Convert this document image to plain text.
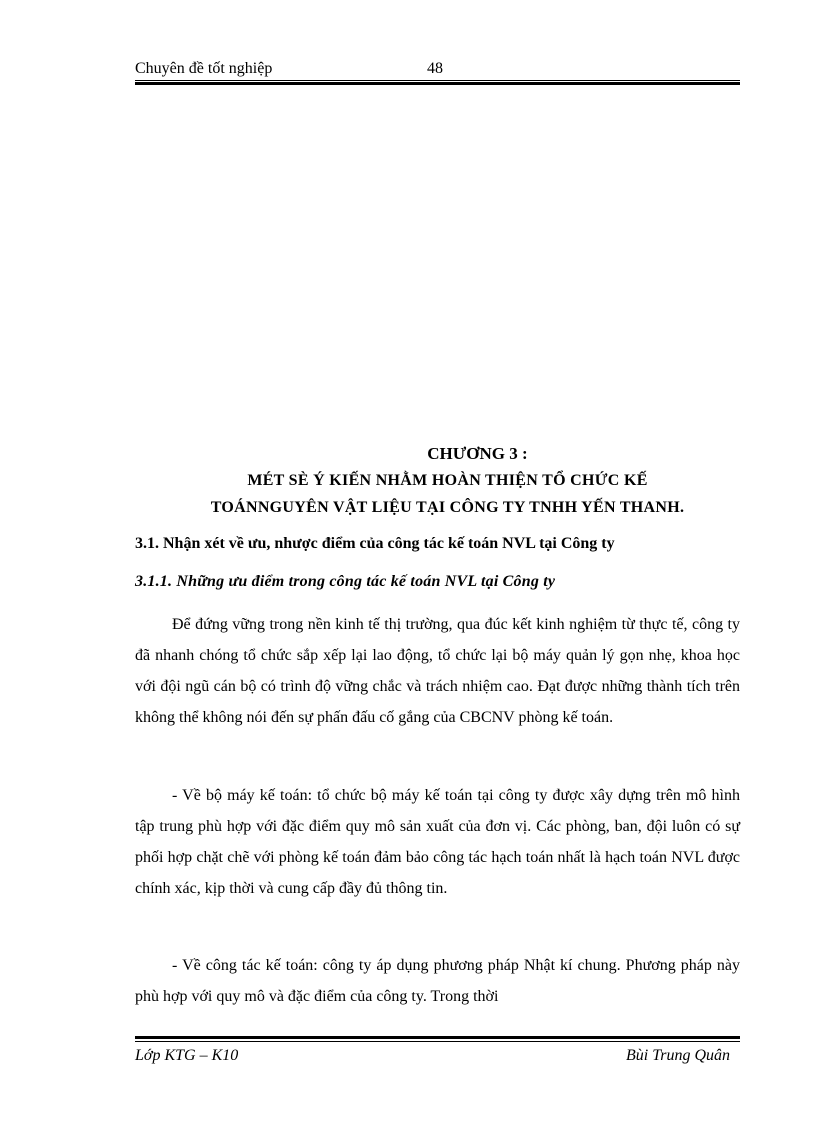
Chuyên đề tốt nghiệp	48
CHƯƠNG 3 :
MÉT SÈ Ý KIẾN NHẰM HOÀN THIỆN TỔ CHỨC KẾ
TOÁNNGUYÊN VẬT LIỆU TẠI CÔNG TY TNHH YẾN THANH.
3.1. Nhận xét về ưu, nhược điểm của công tác kế toán NVL tại Công ty
3.1.1. Những ưu điểm trong công tác kế toán NVL tại Công ty
Để đứng vững trong nền kinh tế thị trường, qua đúc kết kinh nghiệm từ thực tế, công ty đã nhanh chóng tổ chức sắp xếp lại lao động, tổ chức lại bộ máy quản lý gọn nhẹ, khoa học với đội ngũ cán bộ có trình độ vững chắc và trách nhiệm cao. Đạt được những thành tích trên không thể không nói đến sự phấn đấu cố gắng của CBCNV phòng kế toán.
- Về bộ máy kế toán: tổ chức bộ máy kế toán tại công ty được xây dựng trên mô hình tập trung phù hợp với đặc điểm quy mô sản xuất của đơn vị. Các phòng, ban, đội luôn có sự phối hợp chặt chẽ với phòng kế toán đảm bảo công tác hạch toán nhất là hạch toán NVL được chính xác, kịp thời và cung cấp đầy đủ thông tin.
- Về công tác kế toán: công ty áp dụng phương pháp Nhật kí chung. Phương pháp này phù hợp với quy mô và đặc điểm của công ty. Trong thời
Lớp KTG – K10	Bùi Trung Quân
